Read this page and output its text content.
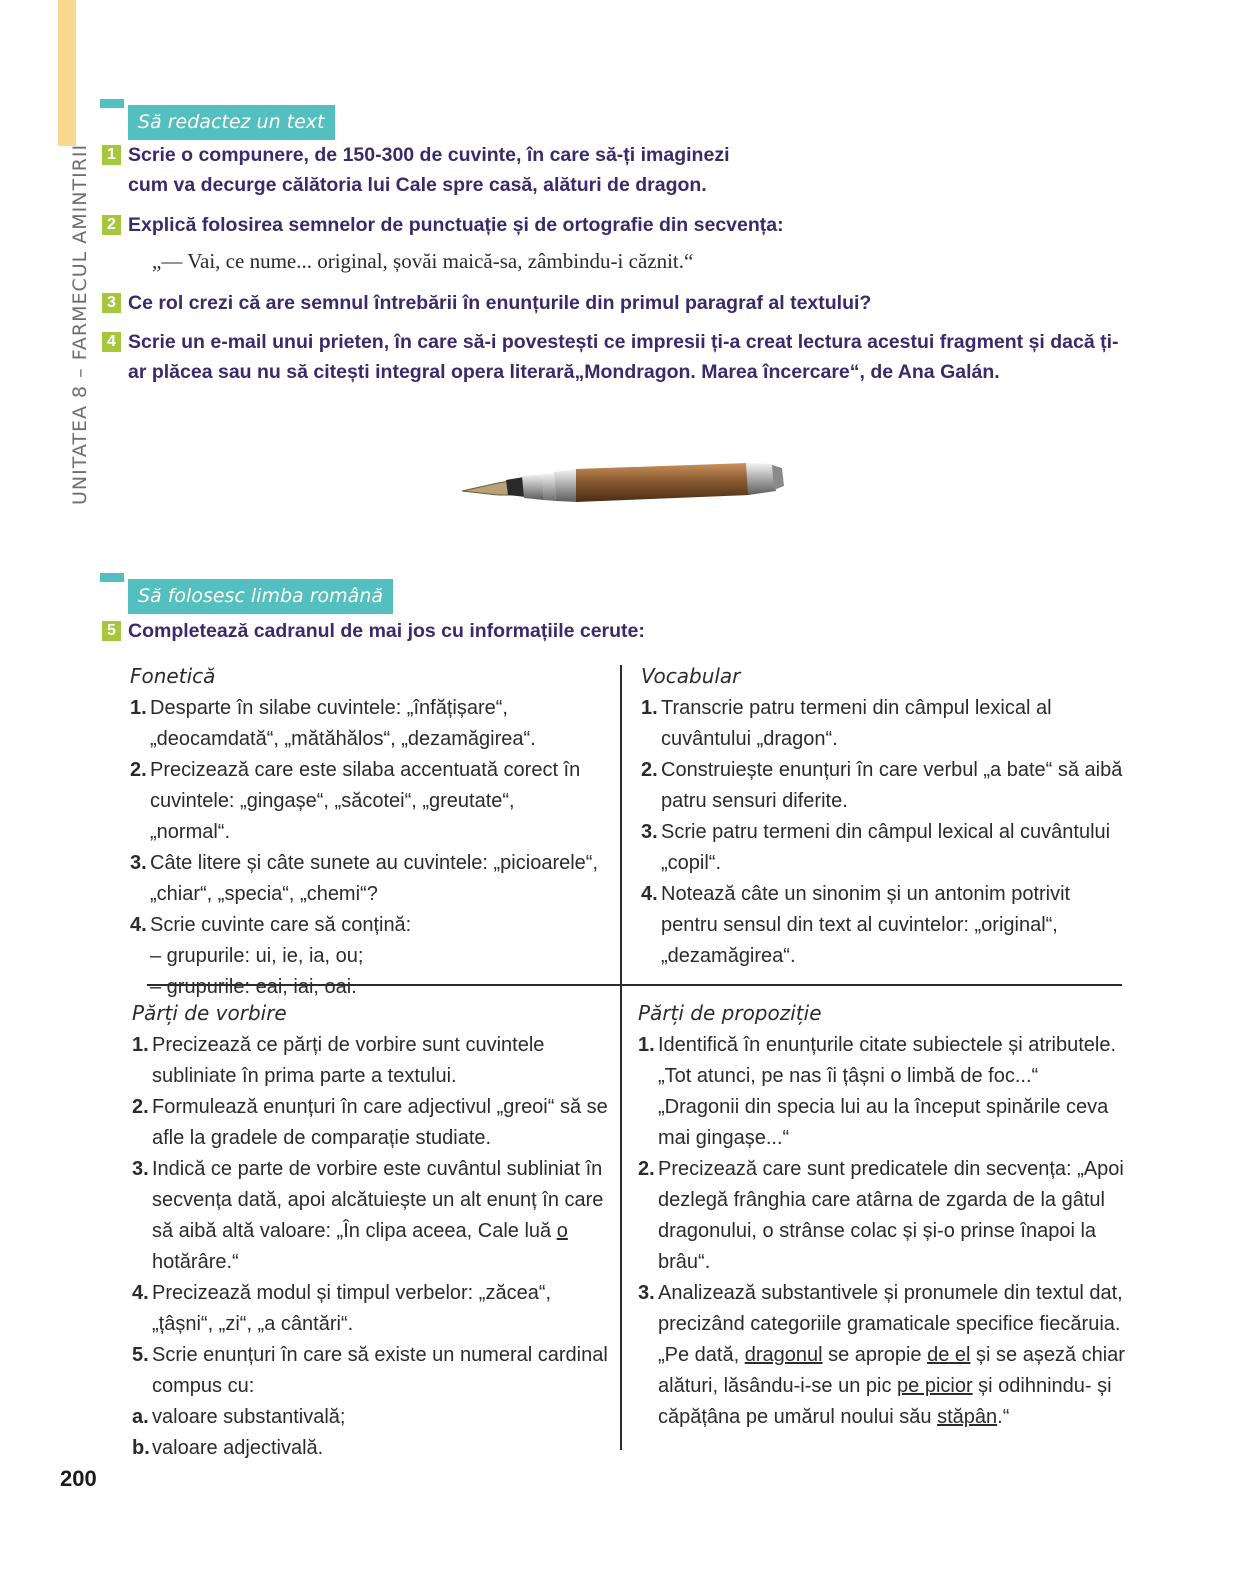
UNITATEA 8 – FARMECUL AMINTIRII
Să redactez un text
1 Scrie o compunere, de 150-300 de cuvinte, în care să-ți imaginezi cum va decurge călătoria lui Cale spre casă, alături de dragon.
2 Explică folosirea semnelor de punctuație și de ortografie din secvența:
„— Vai, ce nume... original, șovăi maică-sa, zâmbindu-i căznit.“
3 Ce rol crezi că are semnul întrebării în enunțurile din primul paragraf al textului?
4 Scrie un e-mail unui prieten, în care să-i povestești ce impresii ți-a creat lectura acestui fragment și dacă ți-ar plăcea sau nu să citești integral opera literară„Mondragon. Marea încercare“, de Ana Galán.
Să folosesc limba română
5 Completează cadranul de mai jos cu informațiile cerute:
Fonetică
1. Desparte în silabe cuvintele: „înfățișare“, „deocamdată“, „mătăhălos“, „dezamăgirea“.
2. Precizează care este silaba accentuată corect în cuvintele: „gingașe“, „săcotei“, „greutate“, „normal“.
3. Câte litere și câte sunete au cuvintele: „picioarele“, „chiar“, „specia“, „chemi“?
4. Scrie cuvinte care să conțină:
– grupurile: ui, ie, ia, ou;
– grupurile: eai, iai, oai.
Vocabular
1. Transcrie patru termeni din câmpul lexical al cuvântului „dragon“.
2. Construiește enunțuri în care verbul „a bate“ să aibă patru sensuri diferite.
3. Scrie patru termeni din câmpul lexical al cuvântului „copil“.
4. Notează câte un sinonim și un antonim potrivit pentru sensul din text al cuvintelor: „original“, „dezamăgirea“.
Părți de vorbire
1. Precizează ce părți de vorbire sunt cuvintele subliniate în prima parte a textului.
2. Formulează enunțuri în care adjectivul „greoi“ să se afle la gradele de comparație studiate.
3. Indică ce parte de vorbire este cuvântul subliniat în secvența dată, apoi alcătuiește un alt enunț în care să aibă altă valoare: „În clipa aceea, Cale luă o hotărâre.“
4. Precizează modul și timpul verbelor: „zăcea“, „țâșni“, „zi“, „a cântări“.
5. Scrie enunțuri în care să existe un numeral cardinal compus cu:
a. valoare substantivală;
b. valoare adjectivală.
Părți de propoziție
1. Identifică în enunțurile citate subiectele și atributele.
„Tot atunci, pe nas îi țâșni o limbă de foc...“
„Dragonii din specia lui au la început spinările ceva mai gingașe...“
2. Precizează care sunt predicatele din secvența: „Apoi dezlegă frânghia care atârna de zgarda de la gâtul dragonului, o strânse colac și și-o prinse înapoi la brâu“.
3. Analizează substantivele și pronumele din textul dat, precizând categoriile gramaticale specifice fiecăruia.
„Pe dată, dragonul se apropie de el și se așeză chiar alături, lăsându-i-se un pic pe picior și odihnindu- și căpățâna pe umărul noului său stăpân.“
200
